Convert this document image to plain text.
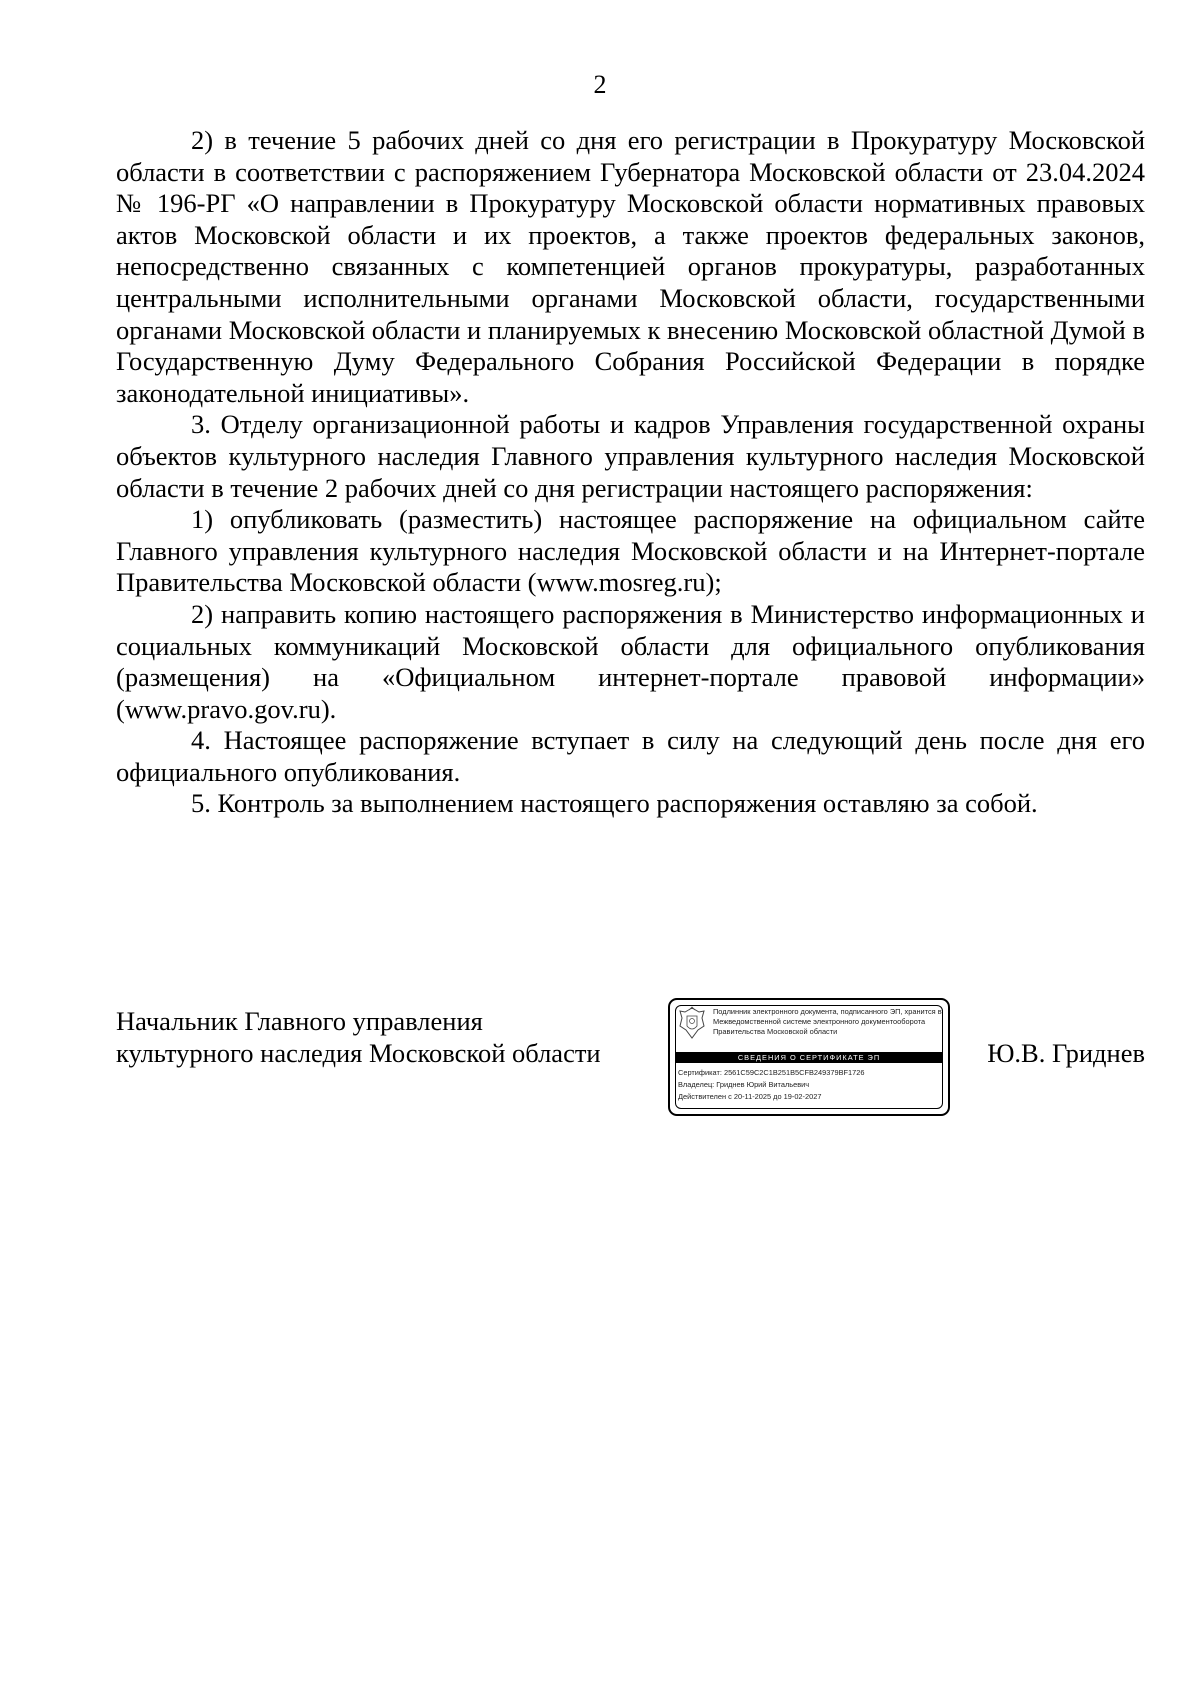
2

2) в течение 5 рабочих дней со дня его регистрации в Прокуратуру Московской области в соответствии с распоряжением Губернатора Московской области от 23.04.2024 № 196-РГ «О направлении в Прокуратуру Московской области нормативных правовых актов Московской области и их проектов, а также проектов федеральных законов, непосредственно связанных с компетенцией органов прокуратуры, разработанных центральными исполнительными органами Московской области, государственными органами Московской области и планируемых к внесению Московской областной Думой в Государственную Думу Федерального Собрания Российской Федерации в порядке законодательной инициативы».

3. Отделу организационной работы и кадров Управления государственной охраны объектов культурного наследия Главного управления культурного наследия Московской области в течение 2 рабочих дней со дня регистрации настоящего распоряжения:

1) опубликовать (разместить) настоящее распоряжение на официальном сайте Главного управления культурного наследия Московской области и на Интернет-портале Правительства Московской области (www.mosreg.ru);

2) направить копию настоящего распоряжения в Министерство информационных и социальных коммуникаций Московской области для официального опубликования (размещения) на «Официальном интернет-портале правовой информации» (www.pravo.gov.ru).

4. Настоящее распоряжение вступает в силу на следующий день после дня его официального опубликования.

5. Контроль за выполнением настоящего распоряжения оставляю за собой.

Начальник Главного управления
культурного наследия Московской области
Подлинник электронного документа, подписанного ЭП, хранится в Межведомственной системе электронного документооборота Правительства Московской области
СВЕДЕНИЯ О СЕРТИФИКАТЕ ЭП
Сертификат: 2561C59C2C1B251B5CFB249379BF1726
Владелец: Гриднев Юрий Витальевич
Действителен с 20-11-2025 до 19-02-2027
Ю.В. Гриднев
